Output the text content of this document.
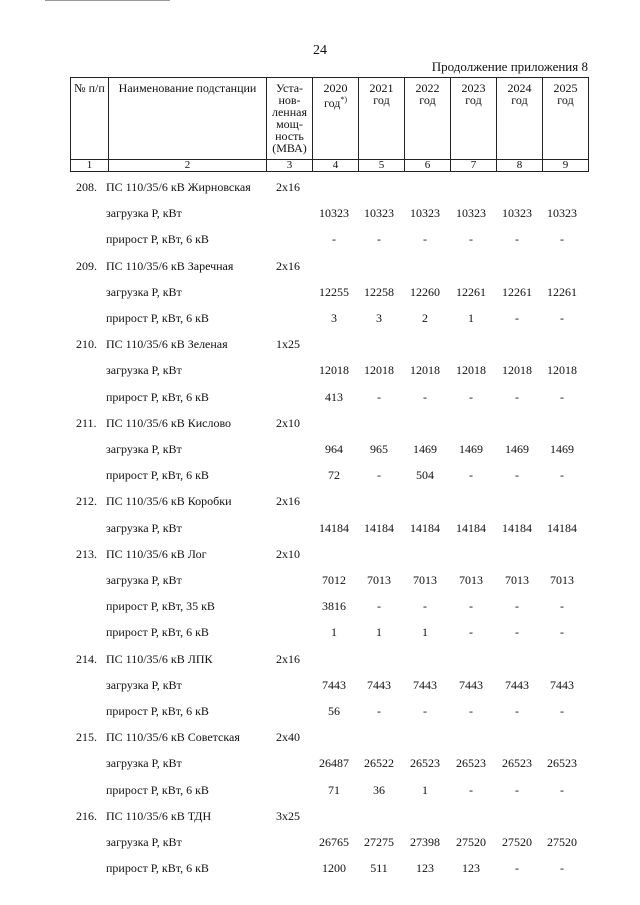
24
Продолжение приложения 8
№ п/п	Наименование подстанции	Уста-нов-ленная мощ-ность (МВА)	2020 год*)	2021 год	2022 год	2023 год	2024 год	2025 год
1	2	3	4	5	6	7	8	9
208. ПС 110/35/6 кВ Жирновская 2х16
загрузка Р, кВт	10323	10323	10323	10323	10323	10323
прирост Р, кВт, 6 кВ	-	-	-	-	-	-
209. ПС 110/35/6 кВ Заречная	2х16
загрузка Р, кВт	12255	12258	12260	12261	12261	12261
прирост Р, кВт, 6 кВ	3	3	2	1	-	-
210. ПС 110/35/6 кВ Зеленая	1х25
загрузка Р, кВт	12018	12018	12018	12018	12018	12018
прирост Р, кВт, 6 кВ	413	-	-	-	-	-
211. ПС 110/35/6 кВ Кислово	2х10
загрузка Р, кВт	964	965	1469	1469	1469	1469
прирост Р, кВт, 6 кВ	72	-	504	-	-	-
212. ПС 110/35/6 кВ Коробки	2х16
загрузка Р, кВт	14184	14184	14184	14184	14184	14184
213. ПС 110/35/6 кВ Лог	2х10
загрузка Р, кВт	7012	7013	7013	7013	7013	7013
прирост Р, кВт, 35 кВ	3816	-	-	-	-	-
прирост Р, кВт, 6 кВ	1	1	1	-	-	-
214. ПС 110/35/6 кВ ЛПК	2х16
загрузка Р, кВт	7443	7443	7443	7443	7443	7443
прирост Р, кВт, 6 кВ	56	-	-	-	-	-
215. ПС 110/35/6 кВ Советская	2х40
загрузка Р, кВт	26487	26522	26523	26523	26523	26523
прирост Р, кВт, 6 кВ	71	36	1	-	-	-
216. ПС 110/35/6 кВ ТДН	3х25
загрузка Р, кВт	26765	27275	27398	27520	27520	27520
прирост Р, кВт, 6 кВ	1200	511	123	123	-	-
